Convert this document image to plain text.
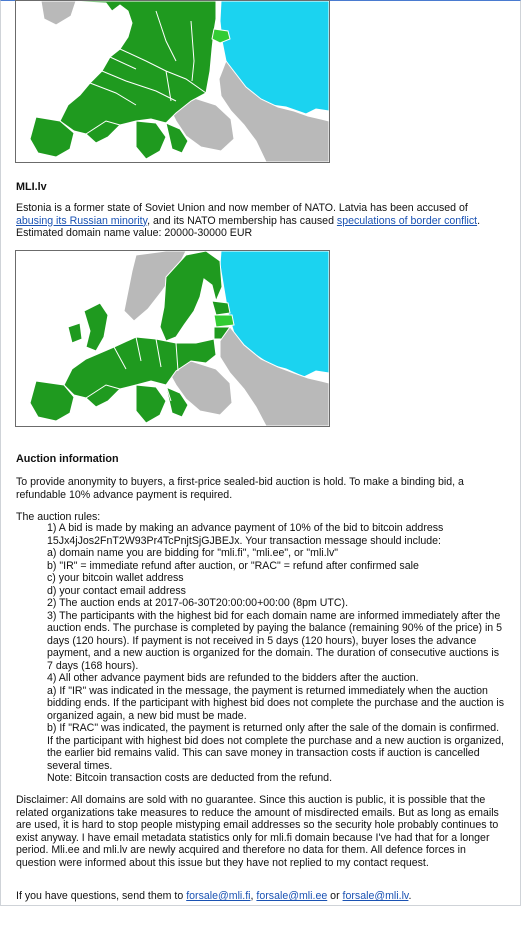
MLI.lv
Estonia is a former state of Soviet Union and now member of NATO. Latvia has been accused of abusing its Russian minority, and its NATO membership has caused speculations of border conflict. Estimated domain name value: 20000-30000 EUR
Auction information
To provide anonymity to buyers, a first-price sealed-bid auction is hold. To make a binding bid, a refundable 10% advance payment is required.
The auction rules:
1) A bid is made by making an advance payment of 10% of the bid to bitcoin address
15Jx4jJos2FnT2W93Pr4TcPnjtSjGJBEJx. Your transaction message should include:
a) domain name you are bidding for "mli.fi", "mli.ee", or "mli.lv"
b) "IR" = immediate refund after auction, or "RAC" = refund after confirmed sale
c) your bitcoin wallet address
d) your contact email address
2) The auction ends at 2017-06-30T20:00:00+00:00 (8pm UTC).
3) The participants with the highest bid for each domain name are informed immediately after the auction ends. The purchase is completed by paying the balance (remaining 90% of the price) in 5 days (120 hours). If payment is not received in 5 days (120 hours), buyer loses the advance payment, and a new auction is organized for the domain. The duration of consecutive auctions is 7 days (168 hours).
4) All other advance payment bids are refunded to the bidders after the auction.
a) If "IR" was indicated in the message, the payment is returned immediately when the auction bidding ends. If the participant with highest bid does not complete the purchase and the auction is organized again, a new bid must be made.
b) If "RAC" was indicated, the payment is returned only after the sale of the domain is confirmed. If the participant with highest bid does not complete the purchase and a new auction is organized, the earlier bid remains valid. This can save money in transaction costs if auction is cancelled several times.
Note: Bitcoin transaction costs are deducted from the refund.
Disclaimer: All domains are sold with no guarantee. Since this auction is public, it is possible that the related organizations take measures to reduce the amount of misdirected emails. But as long as emails are used, it is hard to stop people mistyping email addresses so the security hole probably continues to exist anyway. I have email metadata statistics only for mli.fi domain because I've had that for a longer period. Mli.ee and mli.lv are newly acquired and therefore no data for them. All defence forces in question were informed about this issue but they have not replied to my contact request.
If you have questions, send them to forsale@mli.fi, forsale@mli.ee or forsale@mli.lv.
